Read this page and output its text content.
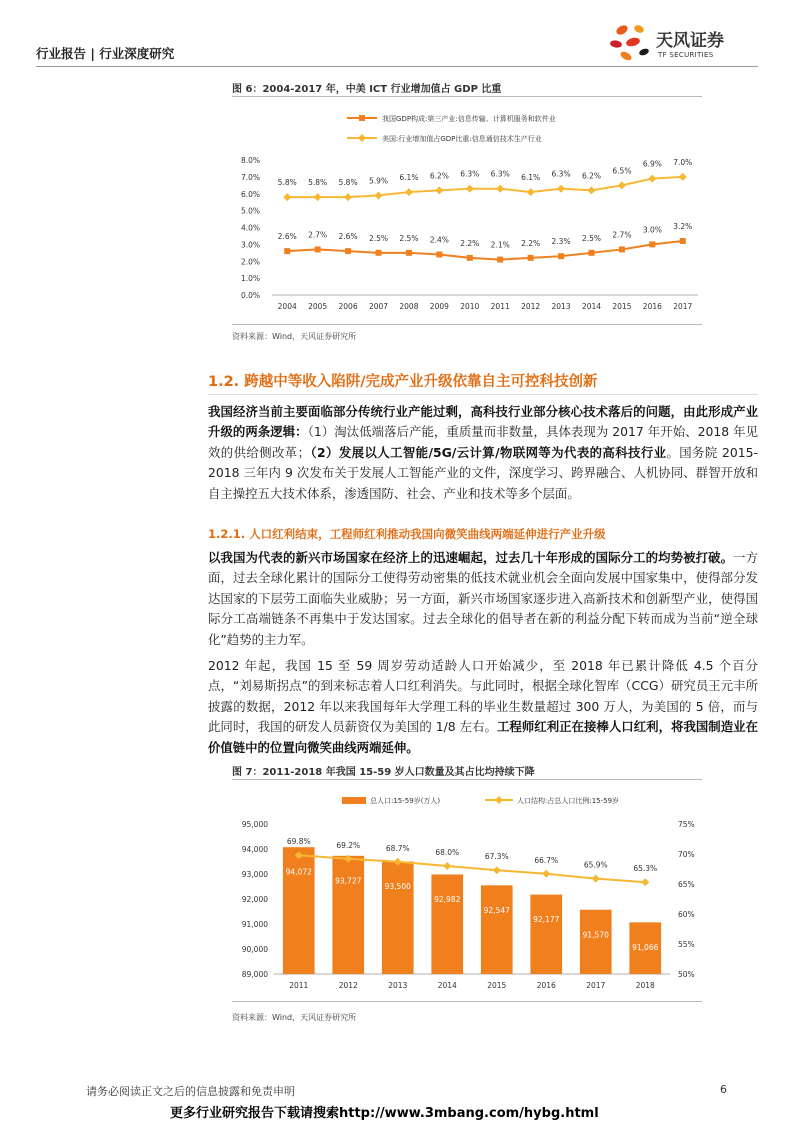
行业报告 | 行业深度研究
天风证券
TF SECURITIES
图 6：2004-2017 年，中美 ICT 行业增加值占 GDP 比重
我国GDP构成:第三产业:信息传输、计算机服务和软件业
美国:行业增加值占GDP比重:信息通信技术生产行业
0.0%
1.0%
2.0%
3.0%
4.0%
5.0%
6.0%
7.0%
8.0%
2004 2005 2006 2007 2008 2009 2010 2011 2012 2013 2014 2015 2016 2017
2.6% 2.7% 2.6% 2.5% 2.5% 2.4% 2.2% 2.1% 2.2% 2.3% 2.5% 2.7%
3.0% 3.2%
5.8% 5.8% 5.8% 5.9% 6.1% 6.2% 6.3% 6.3% 6.1% 6.3% 6.2%
6.5%
6.9% 7.0%
资料来源：Wind，天风证券研究所
1.2. 跨越中等收入陷阱/完成产业升级依靠自主可控科技创新
我国经济当前主要面临部分传统行业产能过剩，高科技行业部分核心技术落后的问题，由此形成产业升级的两条逻辑：（1）淘汰低端落后产能，重质量而非数量，具体表现为 2017 年开始、2018 年见效的供给侧改革；（2）发展以人工智能/5G/云计算/物联网等为代表的高科技行业。国务院 2015- 2018 三年内 9 次发布关于发展人工智能产业的文件，深度学习、跨界融合、人机协同、群智开放和自主操控五大技术体系，渗透国防、社会、产业和技术等多个层面。
1.2.1. 人口红利结束，工程师红利推动我国向微笑曲线两端延伸进行产业升级
以我国为代表的新兴市场国家在经济上的迅速崛起，过去几十年形成的国际分工的均势被打破。一方面，过去全球化累计的国际分工使得劳动密集的低技术就业机会全面向发展中国家集中，使得部分发达国家的下层劳工面临失业威胁；另一方面，新兴市场国家逐步进入高新技术和创新型产业，使得国际分工高端链条不再集中于发达国家。过去全球化的倡导者在新的利益分配下转而成为当前“逆全球化”趋势的主力军。
2012 年起，我国 15 至 59 周岁劳动适龄人口开始减少，至 2018 年已累计降低 4.5 个百分点，“刘易斯拐点”的到来标志着人口红利消失。与此同时，根据全球化智库（CCG）研究员王元丰所披露的数据，2012 年以来我国每年大学理工科的毕业生数量超过 300 万人，为美国的 5 倍，而与此同时，我国的研发人员薪资仅为美国的 1/8 左右。工程师红利正在接棒人口红利，将我国制造业在价值链中的位置向微笑曲线两端延伸。
图 7：2011-2018 年我国 15-59 岁人口数量及其占比均持续下降
总人口:15-59岁(万人)	人口结构:占总人口比例:15-59岁
89,000
90,000
91,000
92,000
93,000
94,000
95,000
50%
55%
60%
65%
70%
75%
94,072
93,727
93,500
92,982
92,547
92,177
91,570
91,066
2011	2012	2013	2014	2015	2016	2017	2018
69.8%	69.2%	68.7%	68.0%	67.3%	66.7%
65.9%	65.3%
资料来源：Wind，天风证券研究所
请务必阅读正文之后的信息披露和免责申明	6
更多行业研究报告下载请搜索http://www.3mbang.com/hybg.html
